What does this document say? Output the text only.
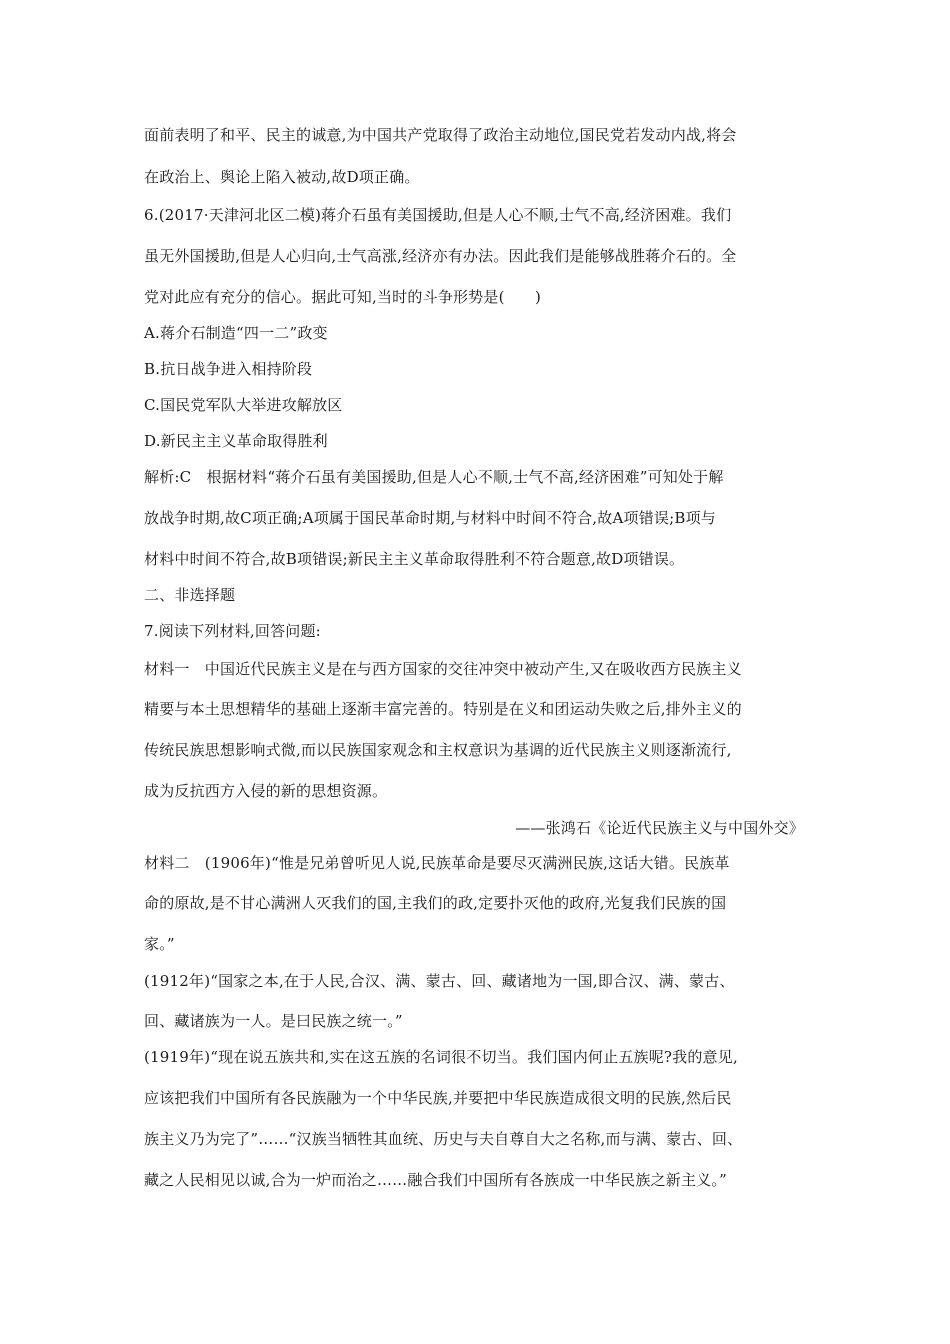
面前表明了和平、民主的诚意,为中国共产党取得了政治主动地位,国民党若发动内战,将会
在政治上、舆论上陷入被动,故D项正确。
6.(2017·天津河北区二模)蒋介石虽有美国援助,但是人心不顺,士气不高,经济困难。我们
虽无外国援助,但是人心归向,士气高涨,经济亦有办法。因此我们是能够战胜蒋介石的。全
党对此应有充分的信心。据此可知,当时的斗争形势是(　　)
A.蒋介石制造“四一二”政变
B.抗日战争进入相持阶段
C.国民党军队大举进攻解放区
D.新民主主义革命取得胜利
解析:C　根据材料“蒋介石虽有美国援助,但是人心不顺,士气不高,经济困难”可知处于解
放战争时期,故C项正确;A项属于国民革命时期,与材料中时间不符合,故A项错误;B项与
材料中时间不符合,故B项错误;新民主主义革命取得胜利不符合题意,故D项错误。
二、非选择题
7.阅读下列材料,回答问题:
材料一　中国近代民族主义是在与西方国家的交往冲突中被动产生,又在吸收西方民族主义
精要与本土思想精华的基础上逐渐丰富完善的。特别是在义和团运动失败之后,排外主义的
传统民族思想影响式微,而以民族国家观念和主权意识为基调的近代民族主义则逐渐流行,
成为反抗西方入侵的新的思想资源。
——张鸿石《论近代民族主义与中国外交》
材料二　(1906年)“惟是兄弟曾听见人说,民族革命是要尽灭满洲民族,这话大错。民族革
命的原故,是不甘心满洲人灭我们的国,主我们的政,定要扑灭他的政府,光复我们民族的国
家。”
(1912年)“国家之本,在于人民,合汉、满、蒙古、回、藏诸地为一国,即合汉、满、蒙古、
回、藏诸族为一人。是曰民族之统一。”
(1919年)“现在说五族共和,实在这五族的名词很不切当。我们国内何止五族呢?我的意见,
应该把我们中国所有各民族融为一个中华民族,并要把中华民族造成很文明的民族,然后民
族主义乃为完了”……“汉族当牺牲其血统、历史与夫自尊自大之名称,而与满、蒙古、回、
藏之人民相见以诚,合为一炉而治之……融合我们中国所有各族成一中华民族之新主义。”
